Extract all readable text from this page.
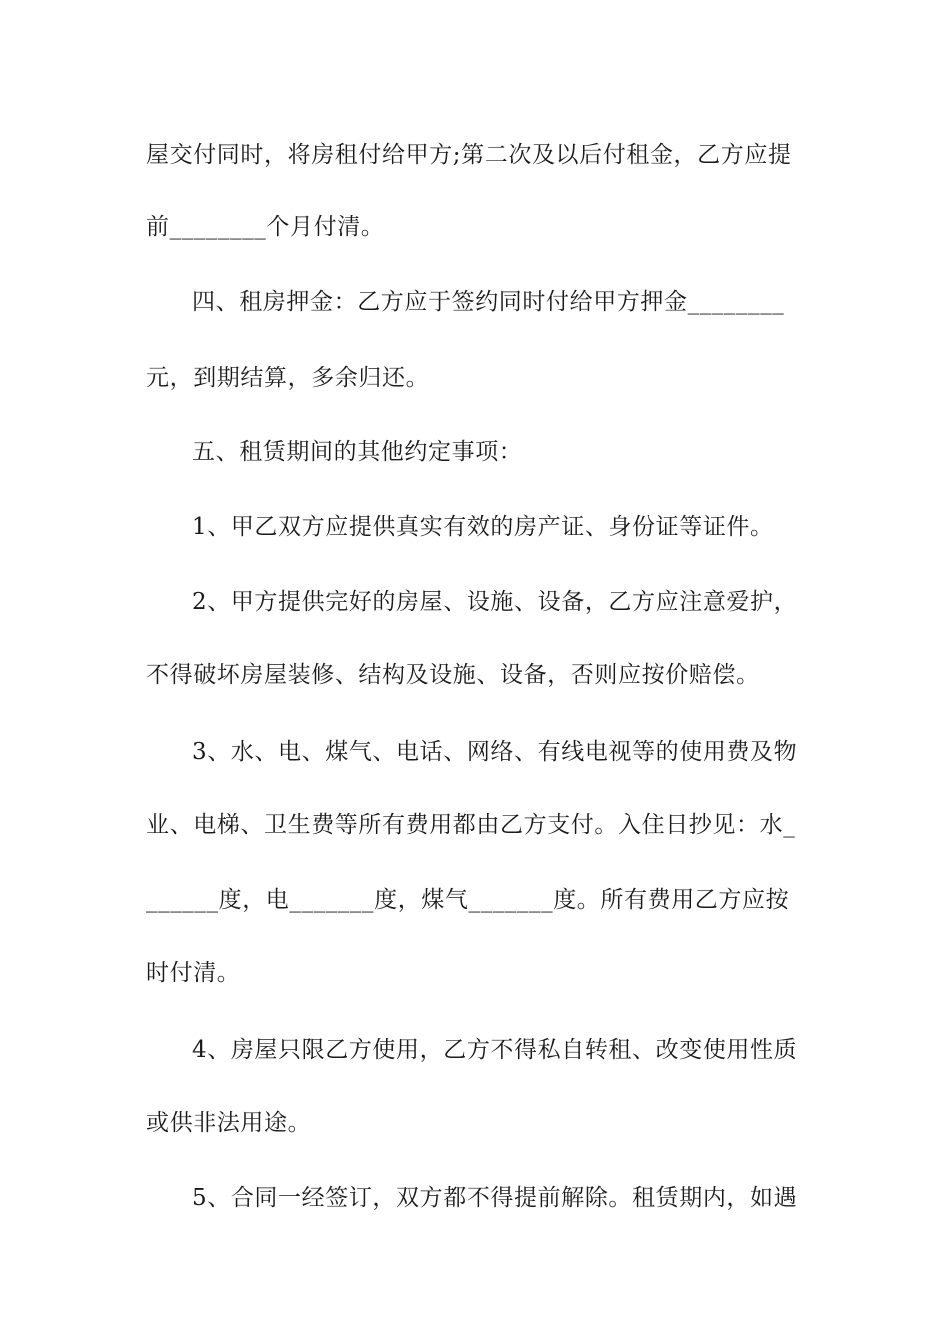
屋交付同时，将房租付给甲方;第二次及以后付租金，乙方应提
前________个月付清。
四、租房押金：乙方应于签约同时付给甲方押金________
元，到期结算，多余归还。
五、租赁期间的其他约定事项：
1、甲乙双方应提供真实有效的房产证、身份证等证件。
2、甲方提供完好的房屋、设施、设备，乙方应注意爱护，
不得破坏房屋装修、结构及设施、设备，否则应按价赔偿。
3、水、电、煤气、电话、网络、有线电视等的使用费及物
业、电梯、卫生费等所有费用都由乙方支付。入住日抄见：水_
______度，电_______度，煤气_______度。所有费用乙方应按
时付清。
4、房屋只限乙方使用，乙方不得私自转租、改变使用性质
或供非法用途。
5、合同一经签订，双方都不得提前解除。租赁期内，如遇
